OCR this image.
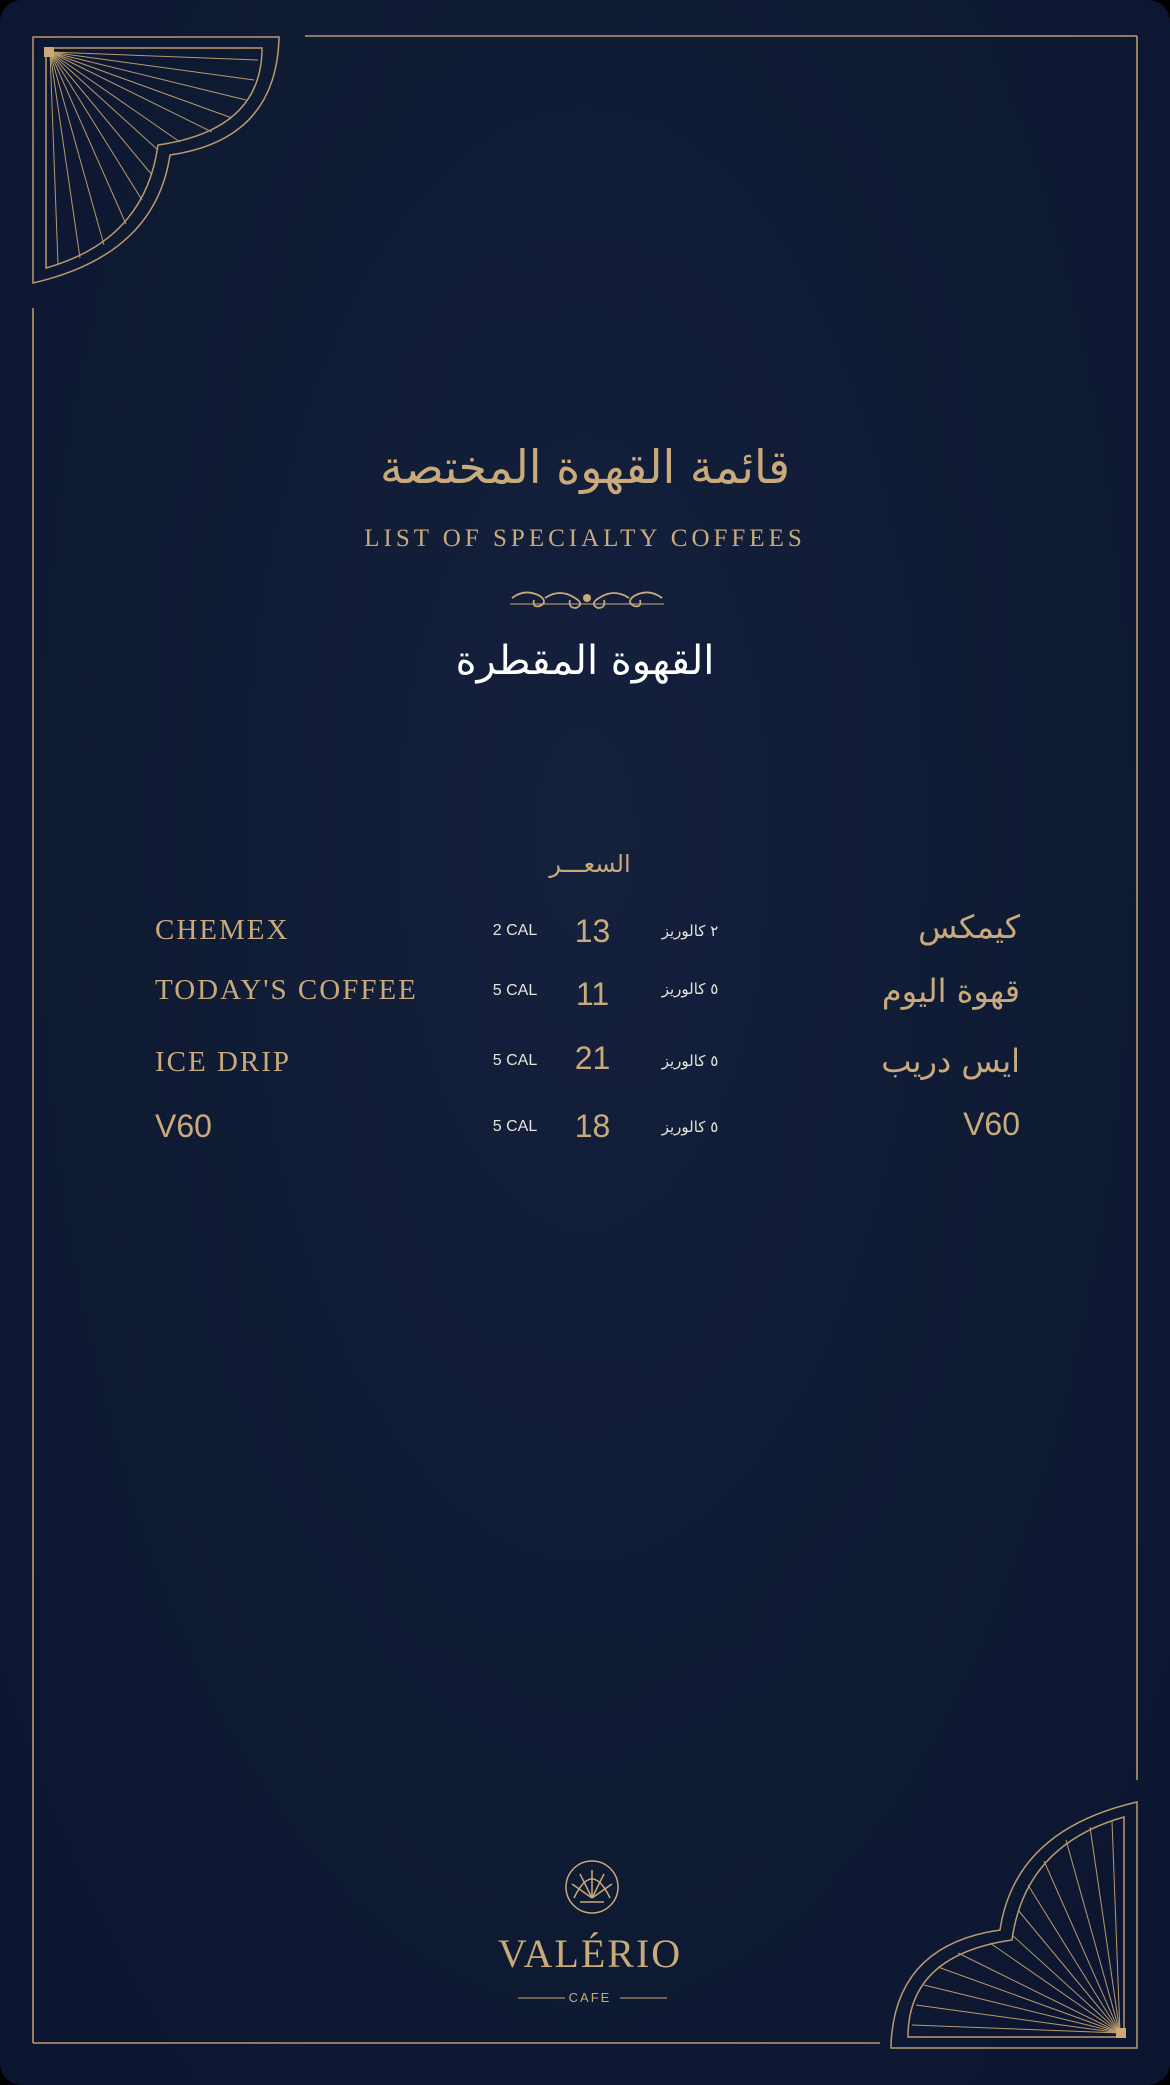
قائمة القهوة المختصة
LIST OF SPECIALTY COFFEES
القهوة المقطرة
السعـــر
CHEMEX	2 CAL	13	٢ كالوريز	كيمكس
TODAY'S COFFEE	5 CAL	11	٥ كالوريز	قهوة اليوم
ICE DRIP	5 CAL	21	٥ كالوريز	ايس دريب
V60	5 CAL	18	٥ كالوريز	V60
VALÉRIO
CAFE
